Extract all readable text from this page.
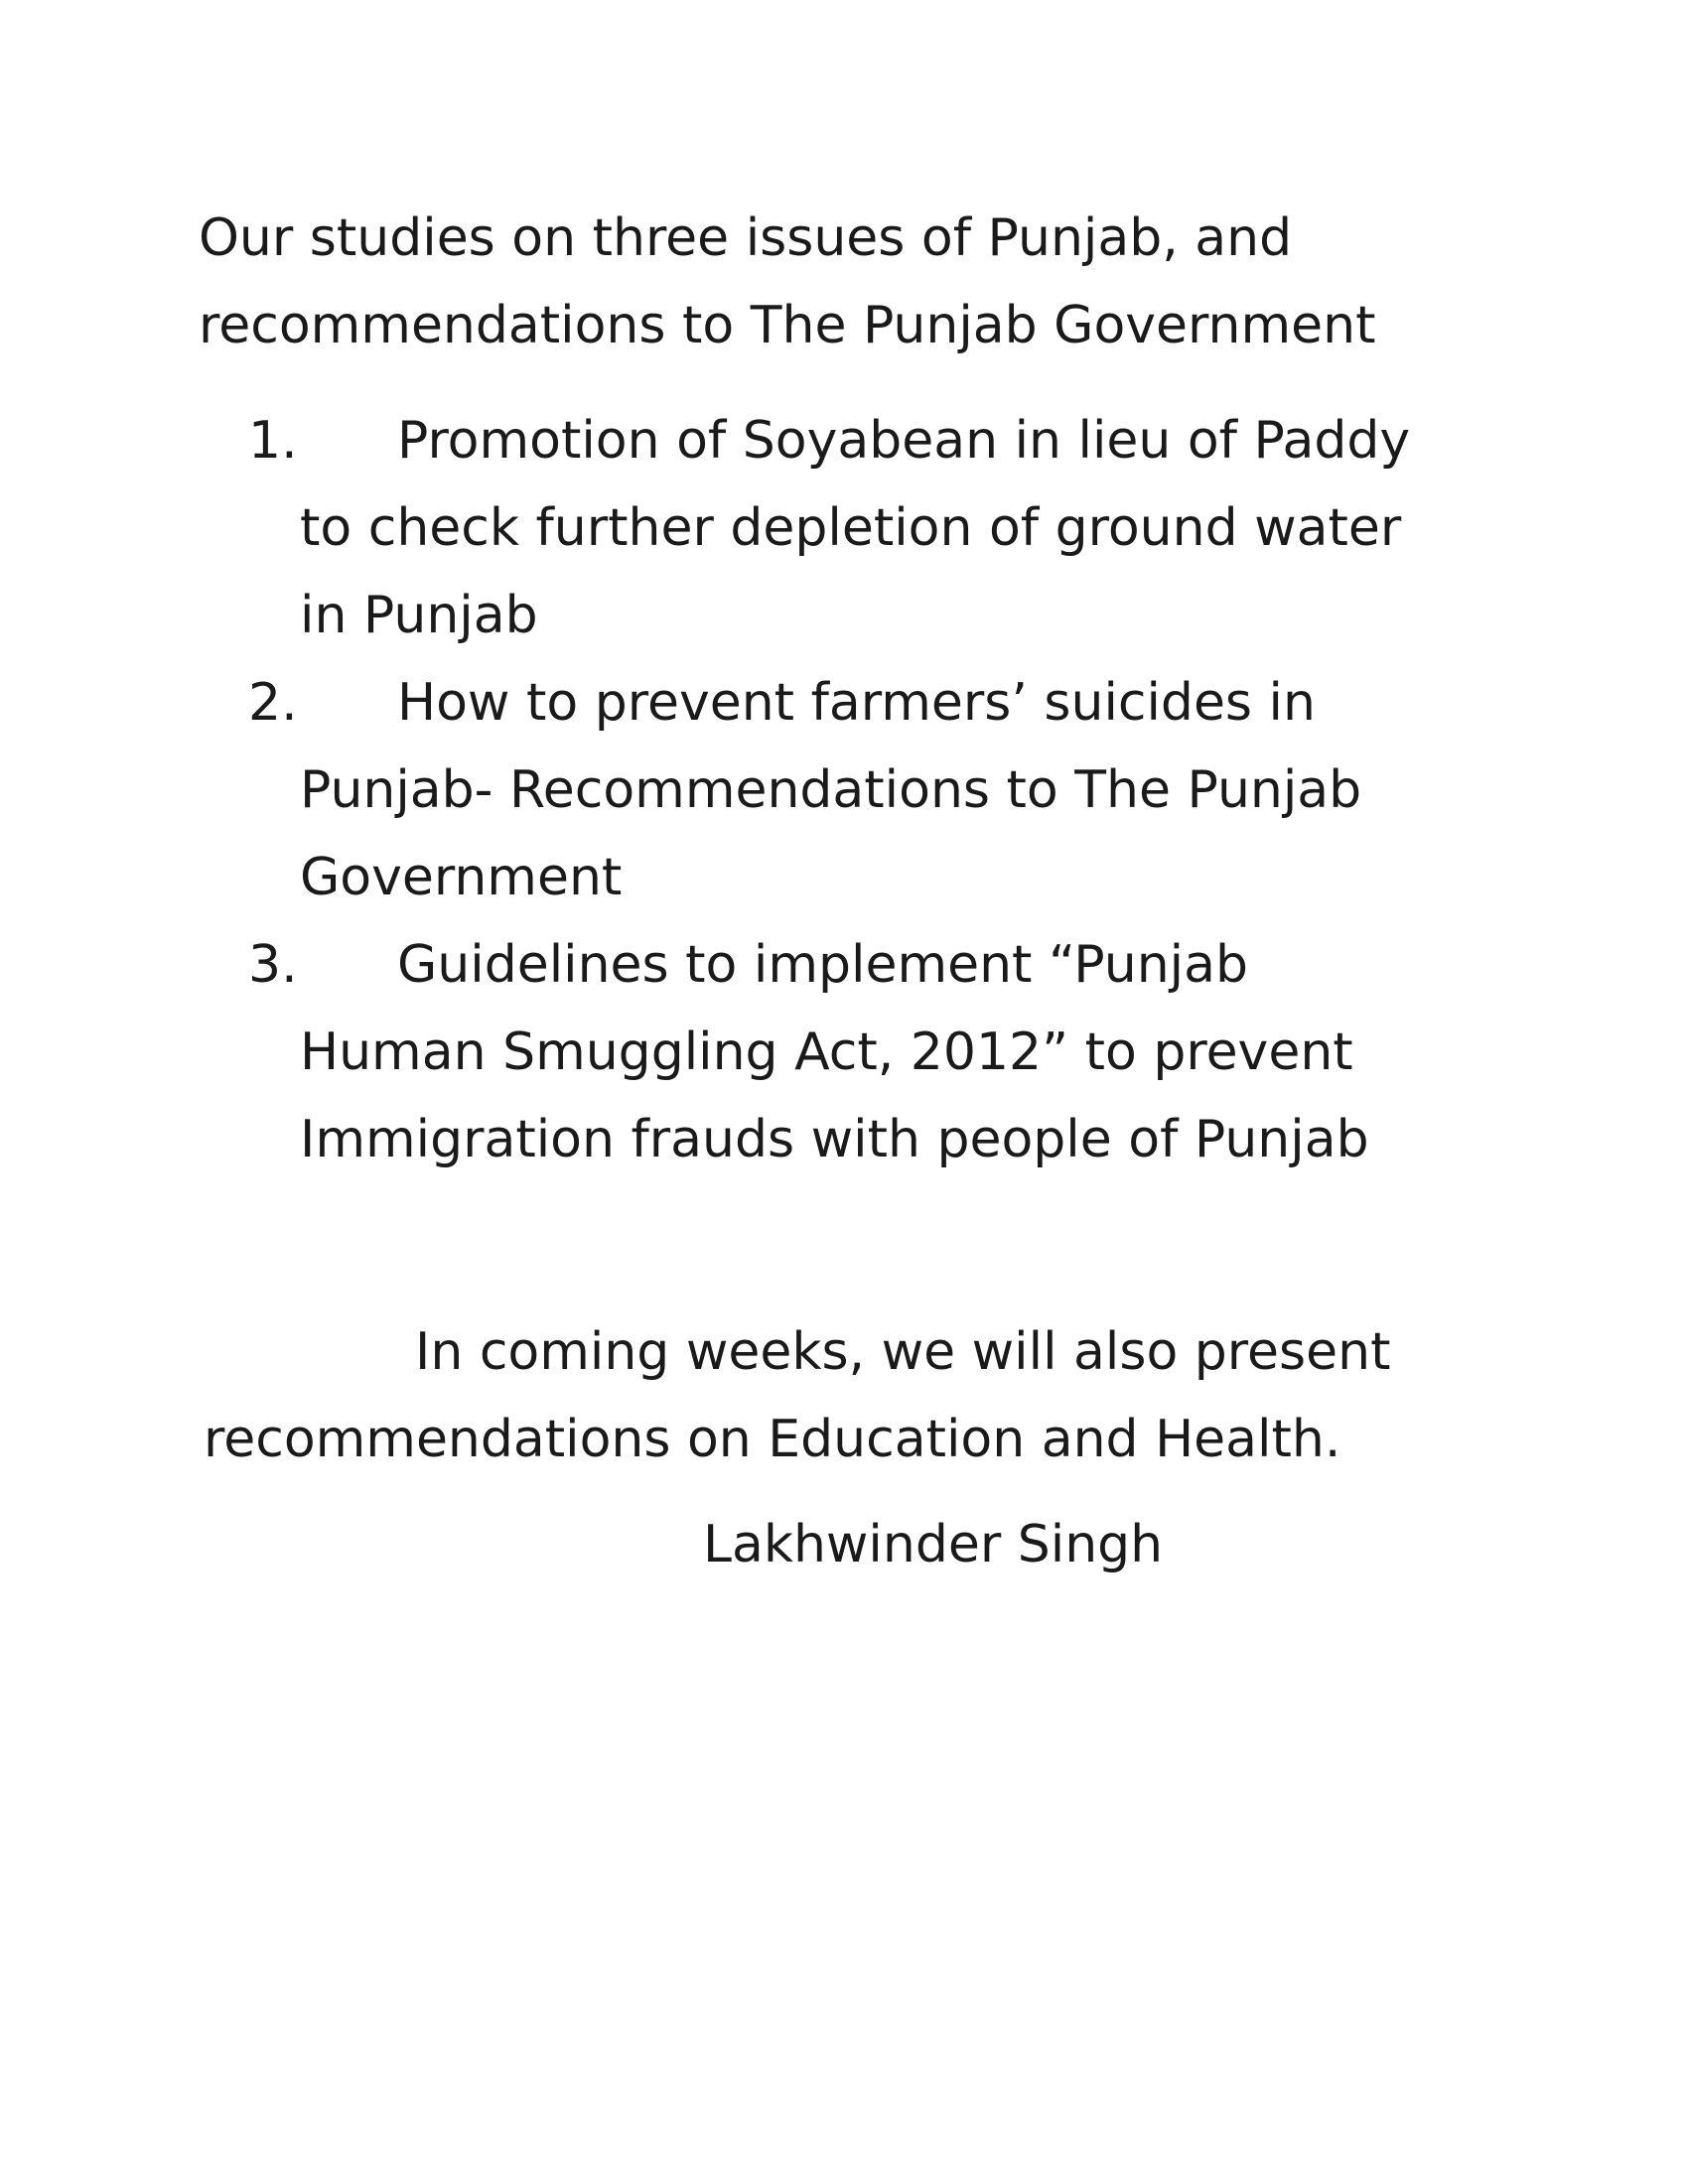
Our studies on three issues of Punjab, and
recommendations to The Punjab Government
1. Promotion of Soyabean in lieu of Paddy
to check further depletion of ground water
in Punjab
2. How to prevent farmers’ suicides in
Punjab- Recommendations to The Punjab
Government
3. Guidelines to implement “Punjab
Human Smuggling Act, 2012” to prevent
Immigration frauds with people of Punjab
In coming weeks, we will also present
recommendations on Education and Health.
Lakhwinder Singh
